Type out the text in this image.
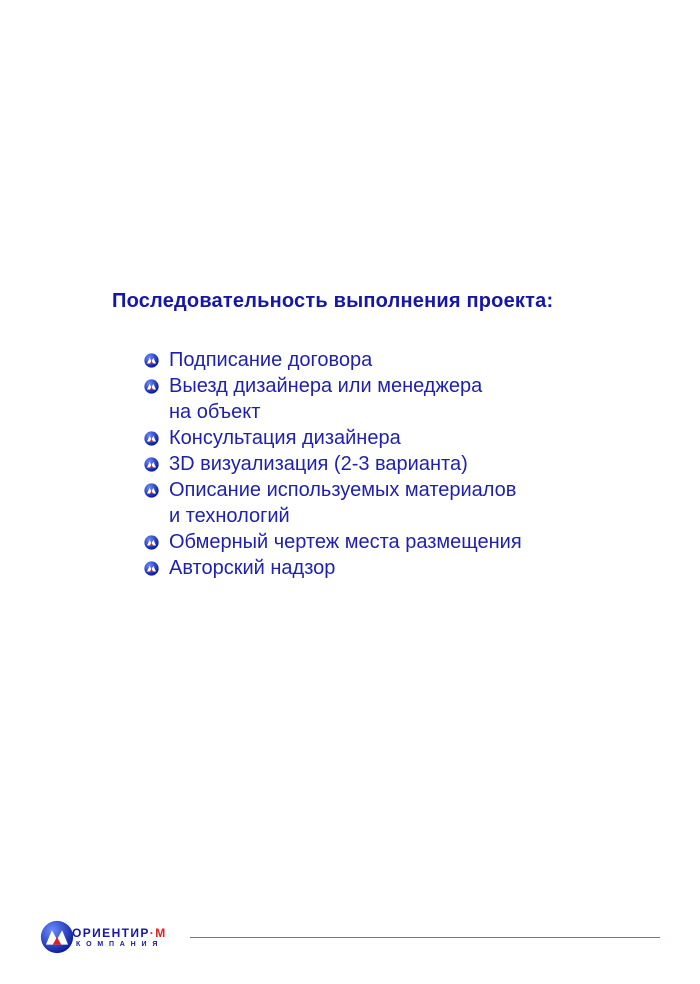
Последовательность выполнения проекта:
Подписание договора
Выезд дизайнера или менеджера
на объект
Консультация дизайнера
3D визуализация (2-3 варианта)
Описание используемых материалов
и технологий
Обмерный чертеж места размещения
Авторский надзор
ОРИЕНТИР·М
КОМПАНИЯ
